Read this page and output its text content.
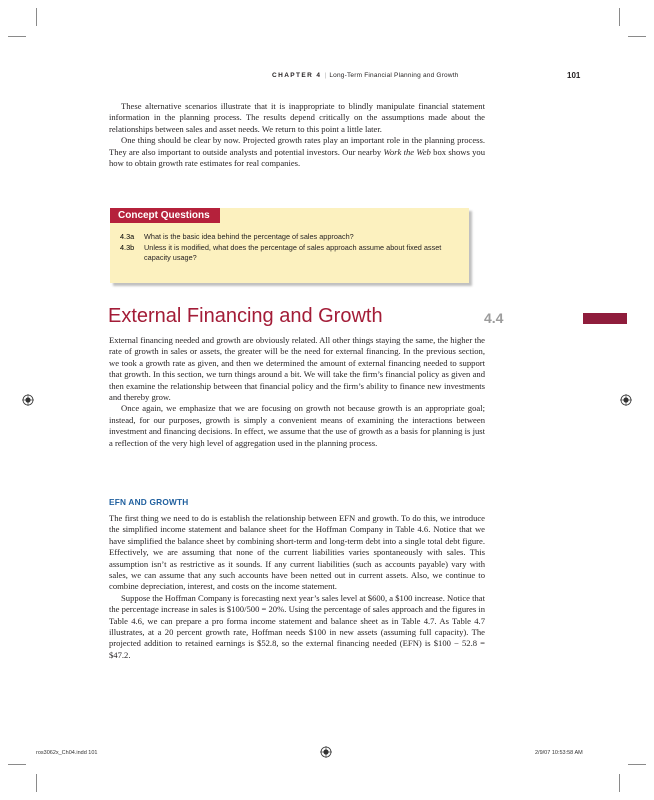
CHAPTER 4 | Long-Term Financial Planning and Growth	101

These alternative scenarios illustrate that it is inappropriate to blindly manipulate financial statement information in the planning process. The results depend critically on the assumptions made about the relationships between sales and asset needs. We return to this point a little later.

One thing should be clear by now. Projected growth rates play an important role in the planning process. They are also important to outside analysts and potential investors. Our nearby Work the Web box shows you how to obtain growth rate estimates for real companies.

Concept Questions
4.3a	What is the basic idea behind the percentage of sales approach?
4.3b	Unless it is modified, what does the percentage of sales approach assume about fixed asset capacity usage?
External Financing and Growth	4.4

External financing needed and growth are obviously related. All other things staying the same, the higher the rate of growth in sales or assets, the greater will be the need for external financing. In the previous section, we took a growth rate as given, and then we determined the amount of external financing needed to support that growth. In this section, we turn things around a bit. We will take the firm’s financial policy as given and then examine the relationship between that financial policy and the firm’s ability to finance new investments and thereby grow.

Once again, we emphasize that we are focusing on growth not because growth is an appropriate goal; instead, for our purposes, growth is simply a convenient means of examining the interactions between investment and financing decisions. In effect, we assume that the use of growth as a basis for planning is just a reflection of the very high level of aggregation used in the planning process.

EFN AND GROWTH

The first thing we need to do is establish the relationship between EFN and growth. To do this, we introduce the simplified income statement and balance sheet for the Hoffman Company in Table 4.6. Notice that we have simplified the balance sheet by combining short-term and long-term debt into a single total debt figure. Effectively, we are assuming that none of the current liabilities varies spontaneously with sales. This assumption isn’t as restrictive as it sounds. If any current liabilities (such as accounts payable) vary with sales, we can assume that any such accounts have been netted out in current assets. Also, we continue to combine depreciation, interest, and costs on the income statement.

Suppose the Hoffman Company is forecasting next year’s sales level at $600, a $100 increase. Notice that the percentage increase in sales is $100/500 = 20%. Using the percentage of sales approach and the figures in Table 4.6, we can prepare a pro forma income statement and balance sheet as in Table 4.7. As Table 4.7 illustrates, at a 20 percent growth rate, Hoffman needs $100 in new assets (assuming full capacity). The projected addition to retained earnings is $52.8, so the external financing needed (EFN) is $100 − 52.8 = $47.2.

ros3062x_Ch04.indd 101	2/9/07 10:53:58 AM
